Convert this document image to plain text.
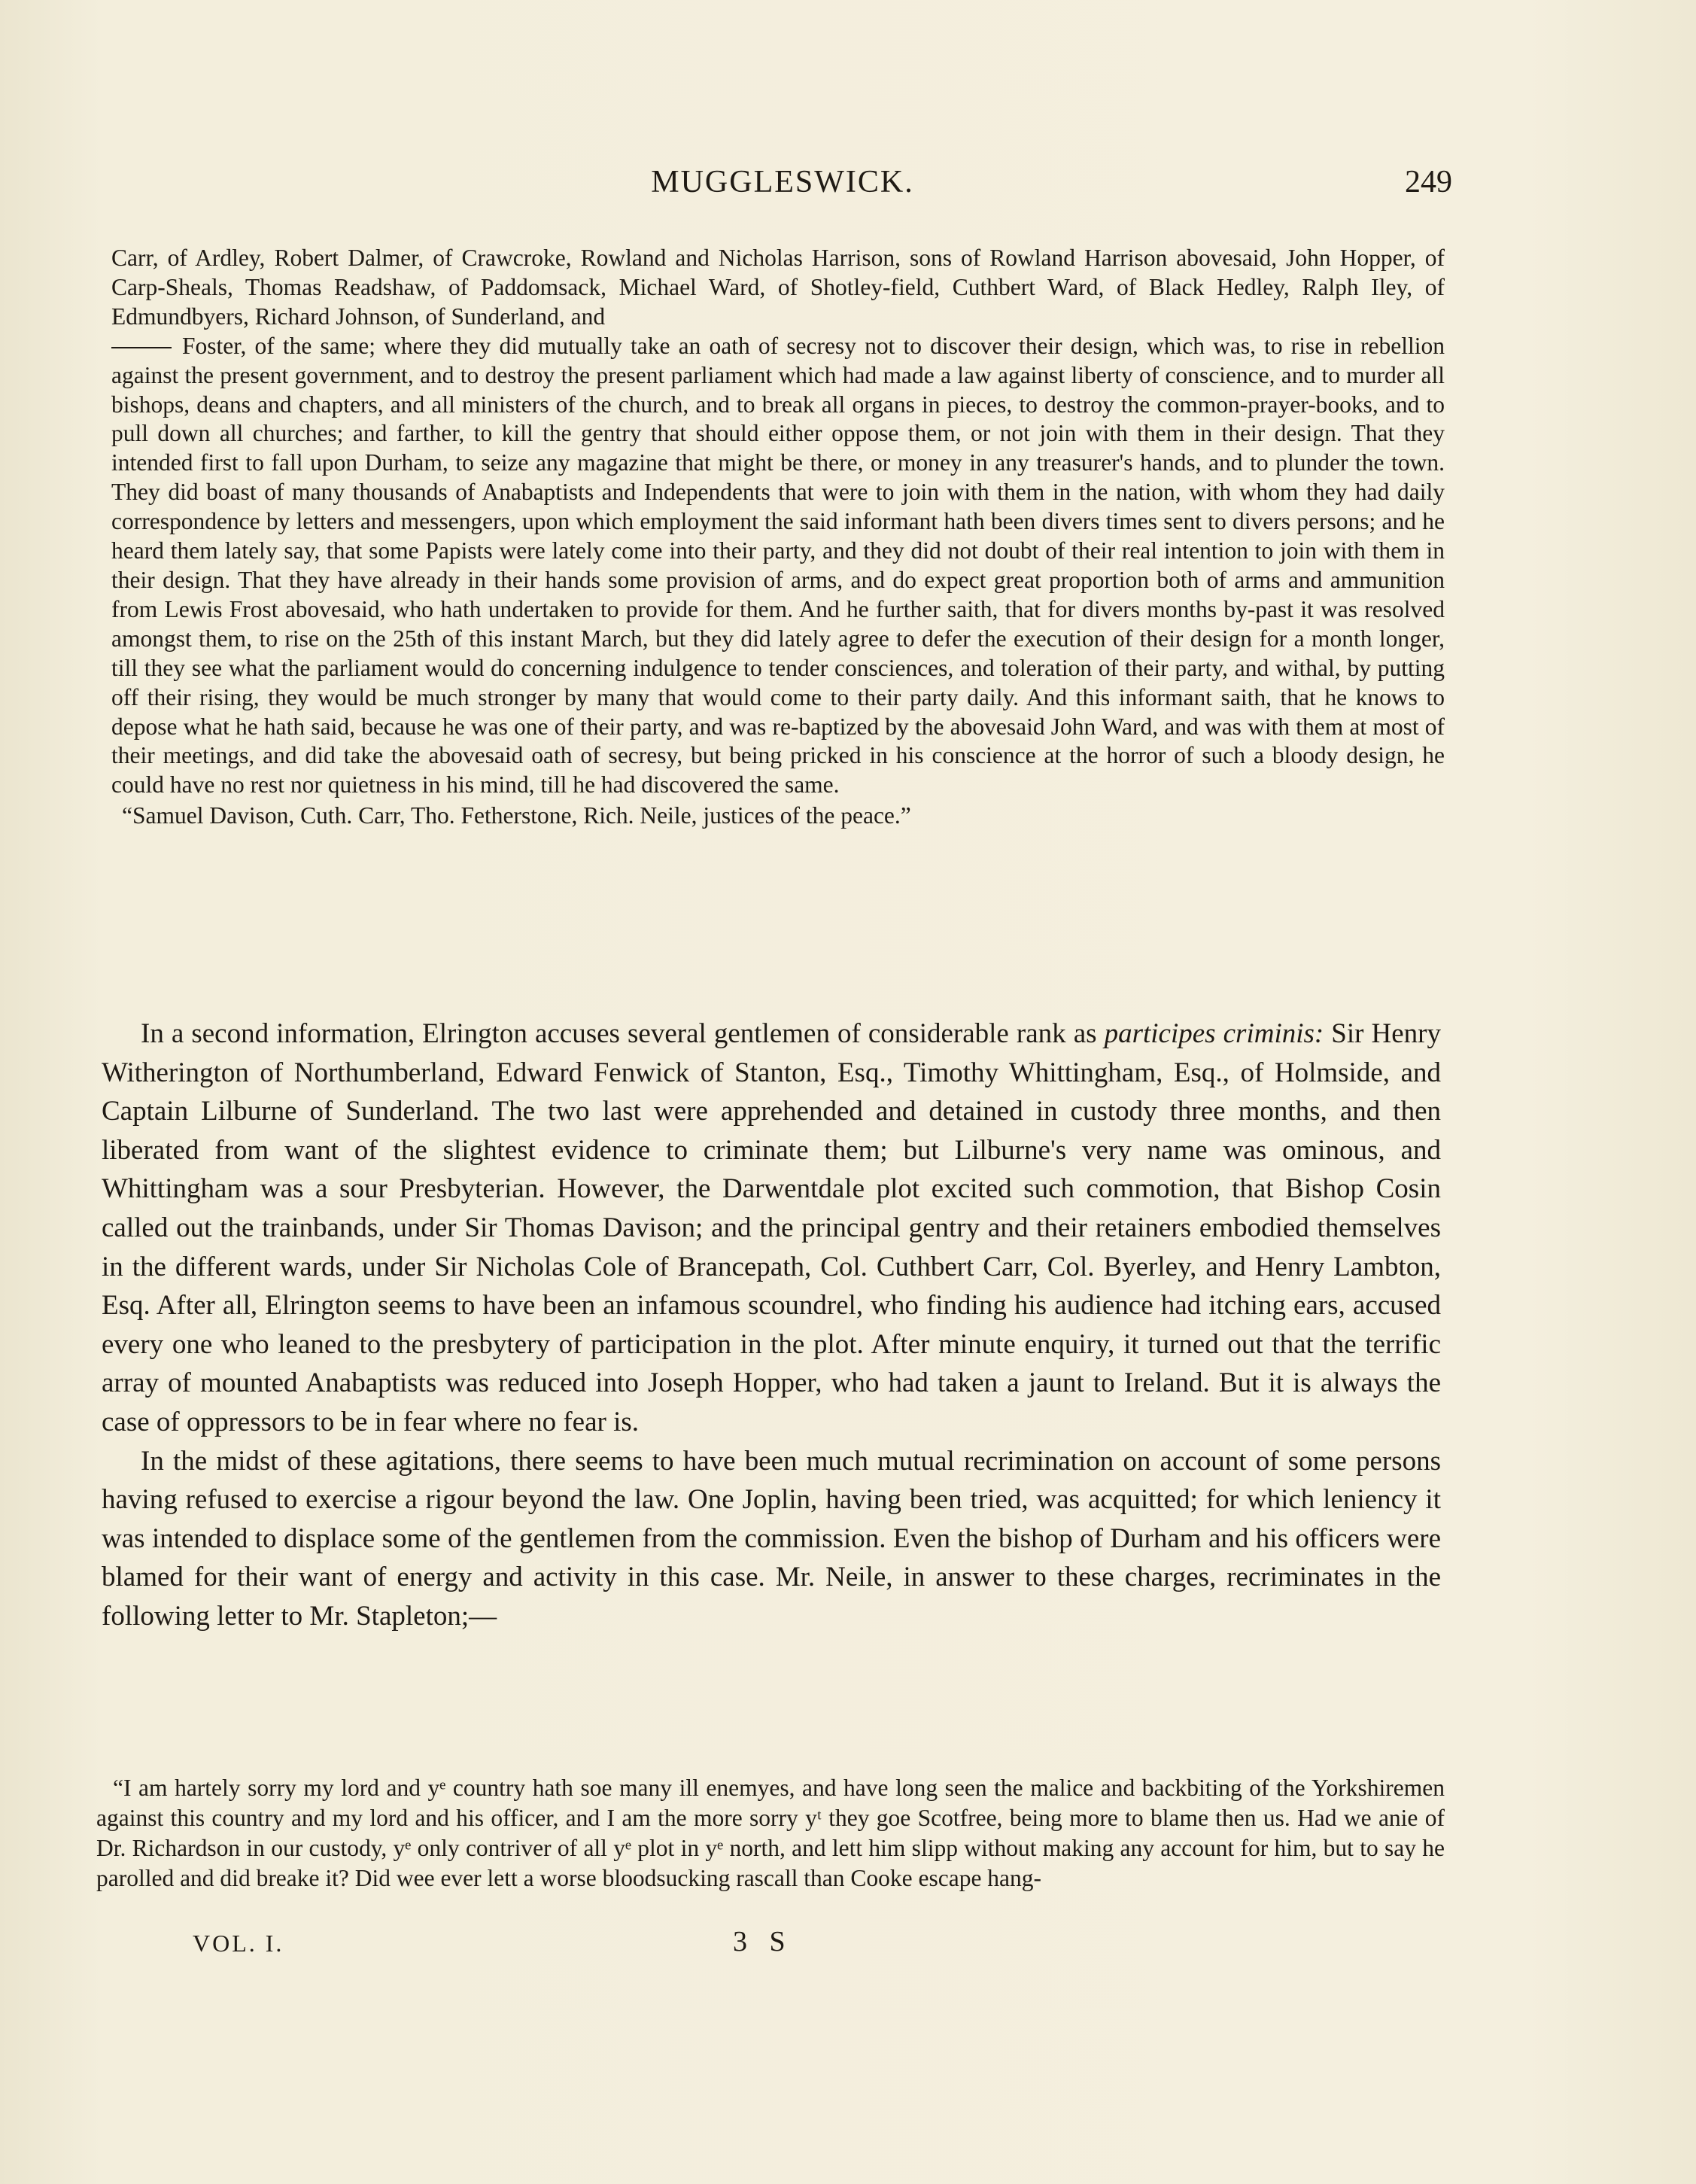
MUGGLESWICK.	249

Carr, of Ardley, Robert Dalmer, of Crawcroke, Rowland and Nicholas Harrison, sons of Rowland Harrison abovesaid, John Hopper, of Carp-Sheals, Thomas Readshaw, of Paddomsack, Michael Ward, of Shotley-field, Cuthbert Ward, of Black Hedley, Ralph Iley, of Edmundbyers, Richard Johnson, of Sunderland, and
Foster, of the same; where they did mutually take an oath of secresy not to discover their design, which was, to rise in rebellion against the present government, and to destroy the present parliament which had made a law against liberty of conscience, and to murder all bishops, deans and chapters, and all ministers of the church, and to break all organs in pieces, to destroy the common-prayer-books, and to pull down all churches; and farther, to kill the gentry that should either oppose them, or not join with them in their design. That they intended first to fall upon Durham, to seize any magazine that might be there, or money in any treasurer's hands, and to plunder the town. They did boast of many thousands of Anabaptists and Independents that were to join with them in the nation, with whom they had daily correspondence by letters and messengers, upon which employment the said informant hath been divers times sent to divers persons; and he heard them lately say, that some Papists were lately come into their party, and they did not doubt of their real intention to join with them in their design. That they have already in their hands some provision of arms, and do expect great proportion both of arms and ammunition from Lewis Frost abovesaid, who hath undertaken to provide for them. And he further saith, that for divers months by-past it was resolved amongst them, to rise on the 25th of this instant March, but they did lately agree to defer the execution of their design for a month longer, till they see what the parliament would do concerning indulgence to tender consciences, and toleration of their party, and withal, by putting off their rising, they would be much stronger by many that would come to their party daily. And this informant saith, that he knows to depose what he hath said, because he was one of their party, and was re-baptized by the abovesaid John Ward, and was with them at most of their meetings, and did take the abovesaid oath of secresy, but being pricked in his conscience at the horror of such a bloody design, he could have no rest nor quietness in his mind, till he had discovered the same.

“Samuel Davison, Cuth. Carr, Tho. Fetherstone, Rich. Neile, justices of the peace.”

In a second information, Elrington accuses several gentlemen of considerable rank as participes criminis: Sir Henry Witherington of Northumberland, Edward Fenwick of Stanton, Esq., Timothy Whittingham, Esq., of Holmside, and Captain Lilburne of Sunderland. The two last were apprehended and detained in custody three months, and then liberated from want of the slightest evidence to criminate them; but Lilburne's very name was ominous, and Whittingham was a sour Presbyterian. However, the Darwentdale plot excited such commotion, that Bishop Cosin called out the trainbands, under Sir Thomas Davison; and the principal gentry and their retainers embodied themselves in the different wards, under Sir Nicholas Cole of Brancepath, Col. Cuthbert Carr, Col. Byerley, and Henry Lambton, Esq. After all, Elrington seems to have been an infamous scoundrel, who finding his audience had itching ears, accused every one who leaned to the presbytery of participation in the plot. After minute enquiry, it turned out that the terrific array of mounted Anabaptists was reduced into Joseph Hopper, who had taken a jaunt to Ireland. But it is always the case of oppressors to be in fear where no fear is.

In the midst of these agitations, there seems to have been much mutual recrimination on account of some persons having refused to exercise a rigour beyond the law. One Joplin, having been tried, was acquitted; for which leniency it was intended to displace some of the gentlemen from the commission. Even the bishop of Durham and his officers were blamed for their want of energy and activity in this case. Mr. Neile, in answer to these charges, recriminates in the following letter to Mr. Stapleton;—

“I am hartely sorry my lord and yᵉ country hath soe many ill enemyes, and have long seen the malice and backbiting of the Yorkshiremen against this country and my lord and his officer, and I am the more sorry yᵗ they goe Scotfree, being more to blame then us. Had we anie of Dr. Richardson in our custody, yᵉ only contriver of all yᵉ plot in yᵉ north, and lett him slipp without making any account for him, but to say he parolled and did breake it? Did wee ever lett a worse bloodsucking rascall than Cooke escape hang-

VOL. I.	3 S
